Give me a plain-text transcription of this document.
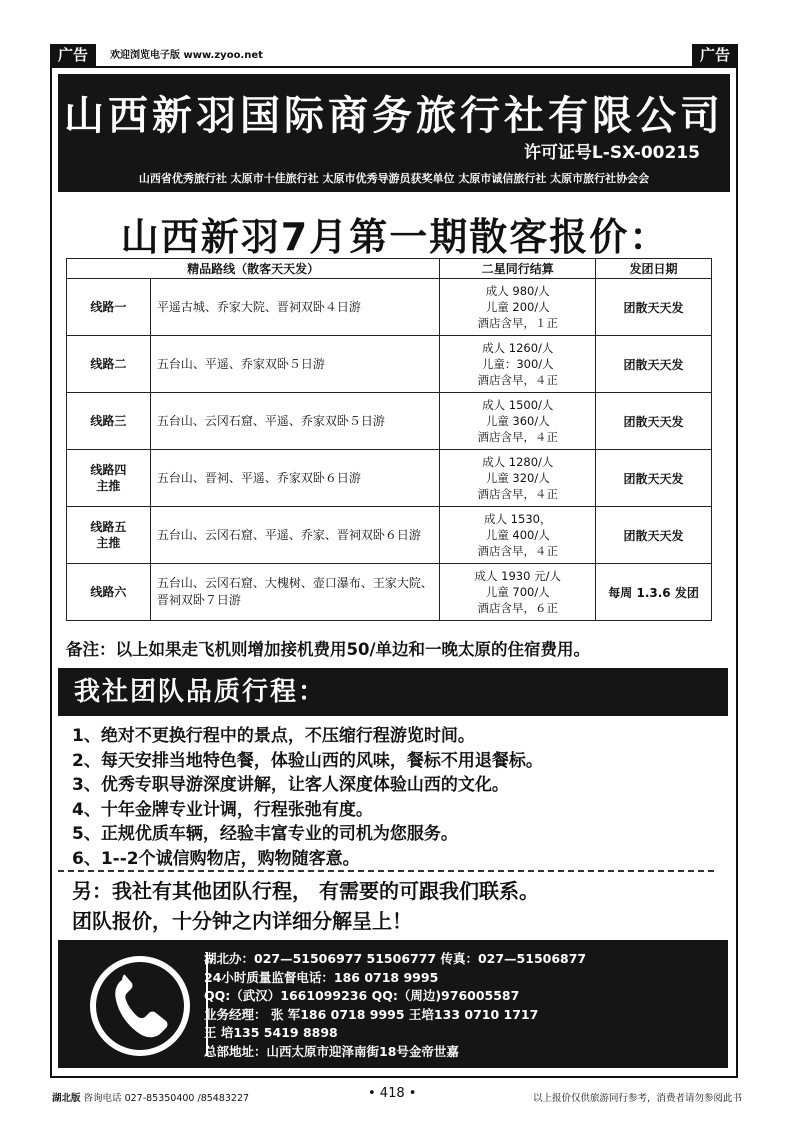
广告	欢迎浏览电子版 www.zyoo.net	广告
山西新羽国际商务旅行社有限公司
许可证号L-SX-00215
山西省优秀旅行社 太原市十佳旅行社 太原市优秀导游员获奖单位 太原市诚信旅行社 太原市旅行社协会会
山西新羽7月第一期散客报价：
精品路线（散客天天发）		二星同行结算	发团日期

线路一	平遥古城、乔家大院、晋祠双卧４日游	成人 980/人
儿童 200/人
酒店含早，１正	团散天天发

线路二	五台山、平遥、乔家双卧５日游	成人 1260/人
儿童：300/人
酒店含早，４正	团散天天发

线路三	五台山、云冈石窟、平遥、乔家双卧５日游	成人 1500/人
儿童 360/人
酒店含早，４正	团散天天发

线路四
主推	五台山、晋祠、平遥、乔家双卧６日游	成人 1280/人
儿童 320/人
酒店含早，４正	团散天天发

线路五
主推	五台山、云冈石窟、平遥、乔家、晋祠双卧６日游	成人 1530，
儿童 400/人
酒店含早，４正	团散天天发

线路六	五台山、云冈石窟、大槐树、壶口瀑布、王家大院、晋祠双卧７日游	成人 1930 元/人
儿童 700/人
酒店含早，６正	每周 1.3.6 发团
备注：以上如果走飞机则增加接机费用50/单边和一晚太原的住宿费用。
我社团队品质行程：
1、绝对不更换行程中的景点，不压缩行程游览时间。
2、每天安排当地特色餐，体验山西的风味，餐标不用退餐标。
3、优秀专职导游深度讲解，让客人深度体验山西的文化。
4、十年金牌专业计调，行程张弛有度。
5、正规优质车辆，经验丰富专业的司机为您服务。
6、1--2个诚信购物店，购物随客意。
另：我社有其他团队行程， 有需要的可跟我们联系。
团队报价，十分钟之内详细分解呈上！
湖北办：027—51506977 51506777 传真：027—51506877
24小时质量监督电话：186 0718 9995
QQ:（武汉）1661099236 QQ:（周边)976005587
业务经理： 张 军186 0718 9995 王培133 0710 1717
王 培135 5419 8898
总部地址：山西太原市迎泽南街18号金帝世嘉
湖北版 咨询电话 027-85350400 /85483227	• 418 •	以上报价仅供旅游同行参考，消费者请勿参阅此书
